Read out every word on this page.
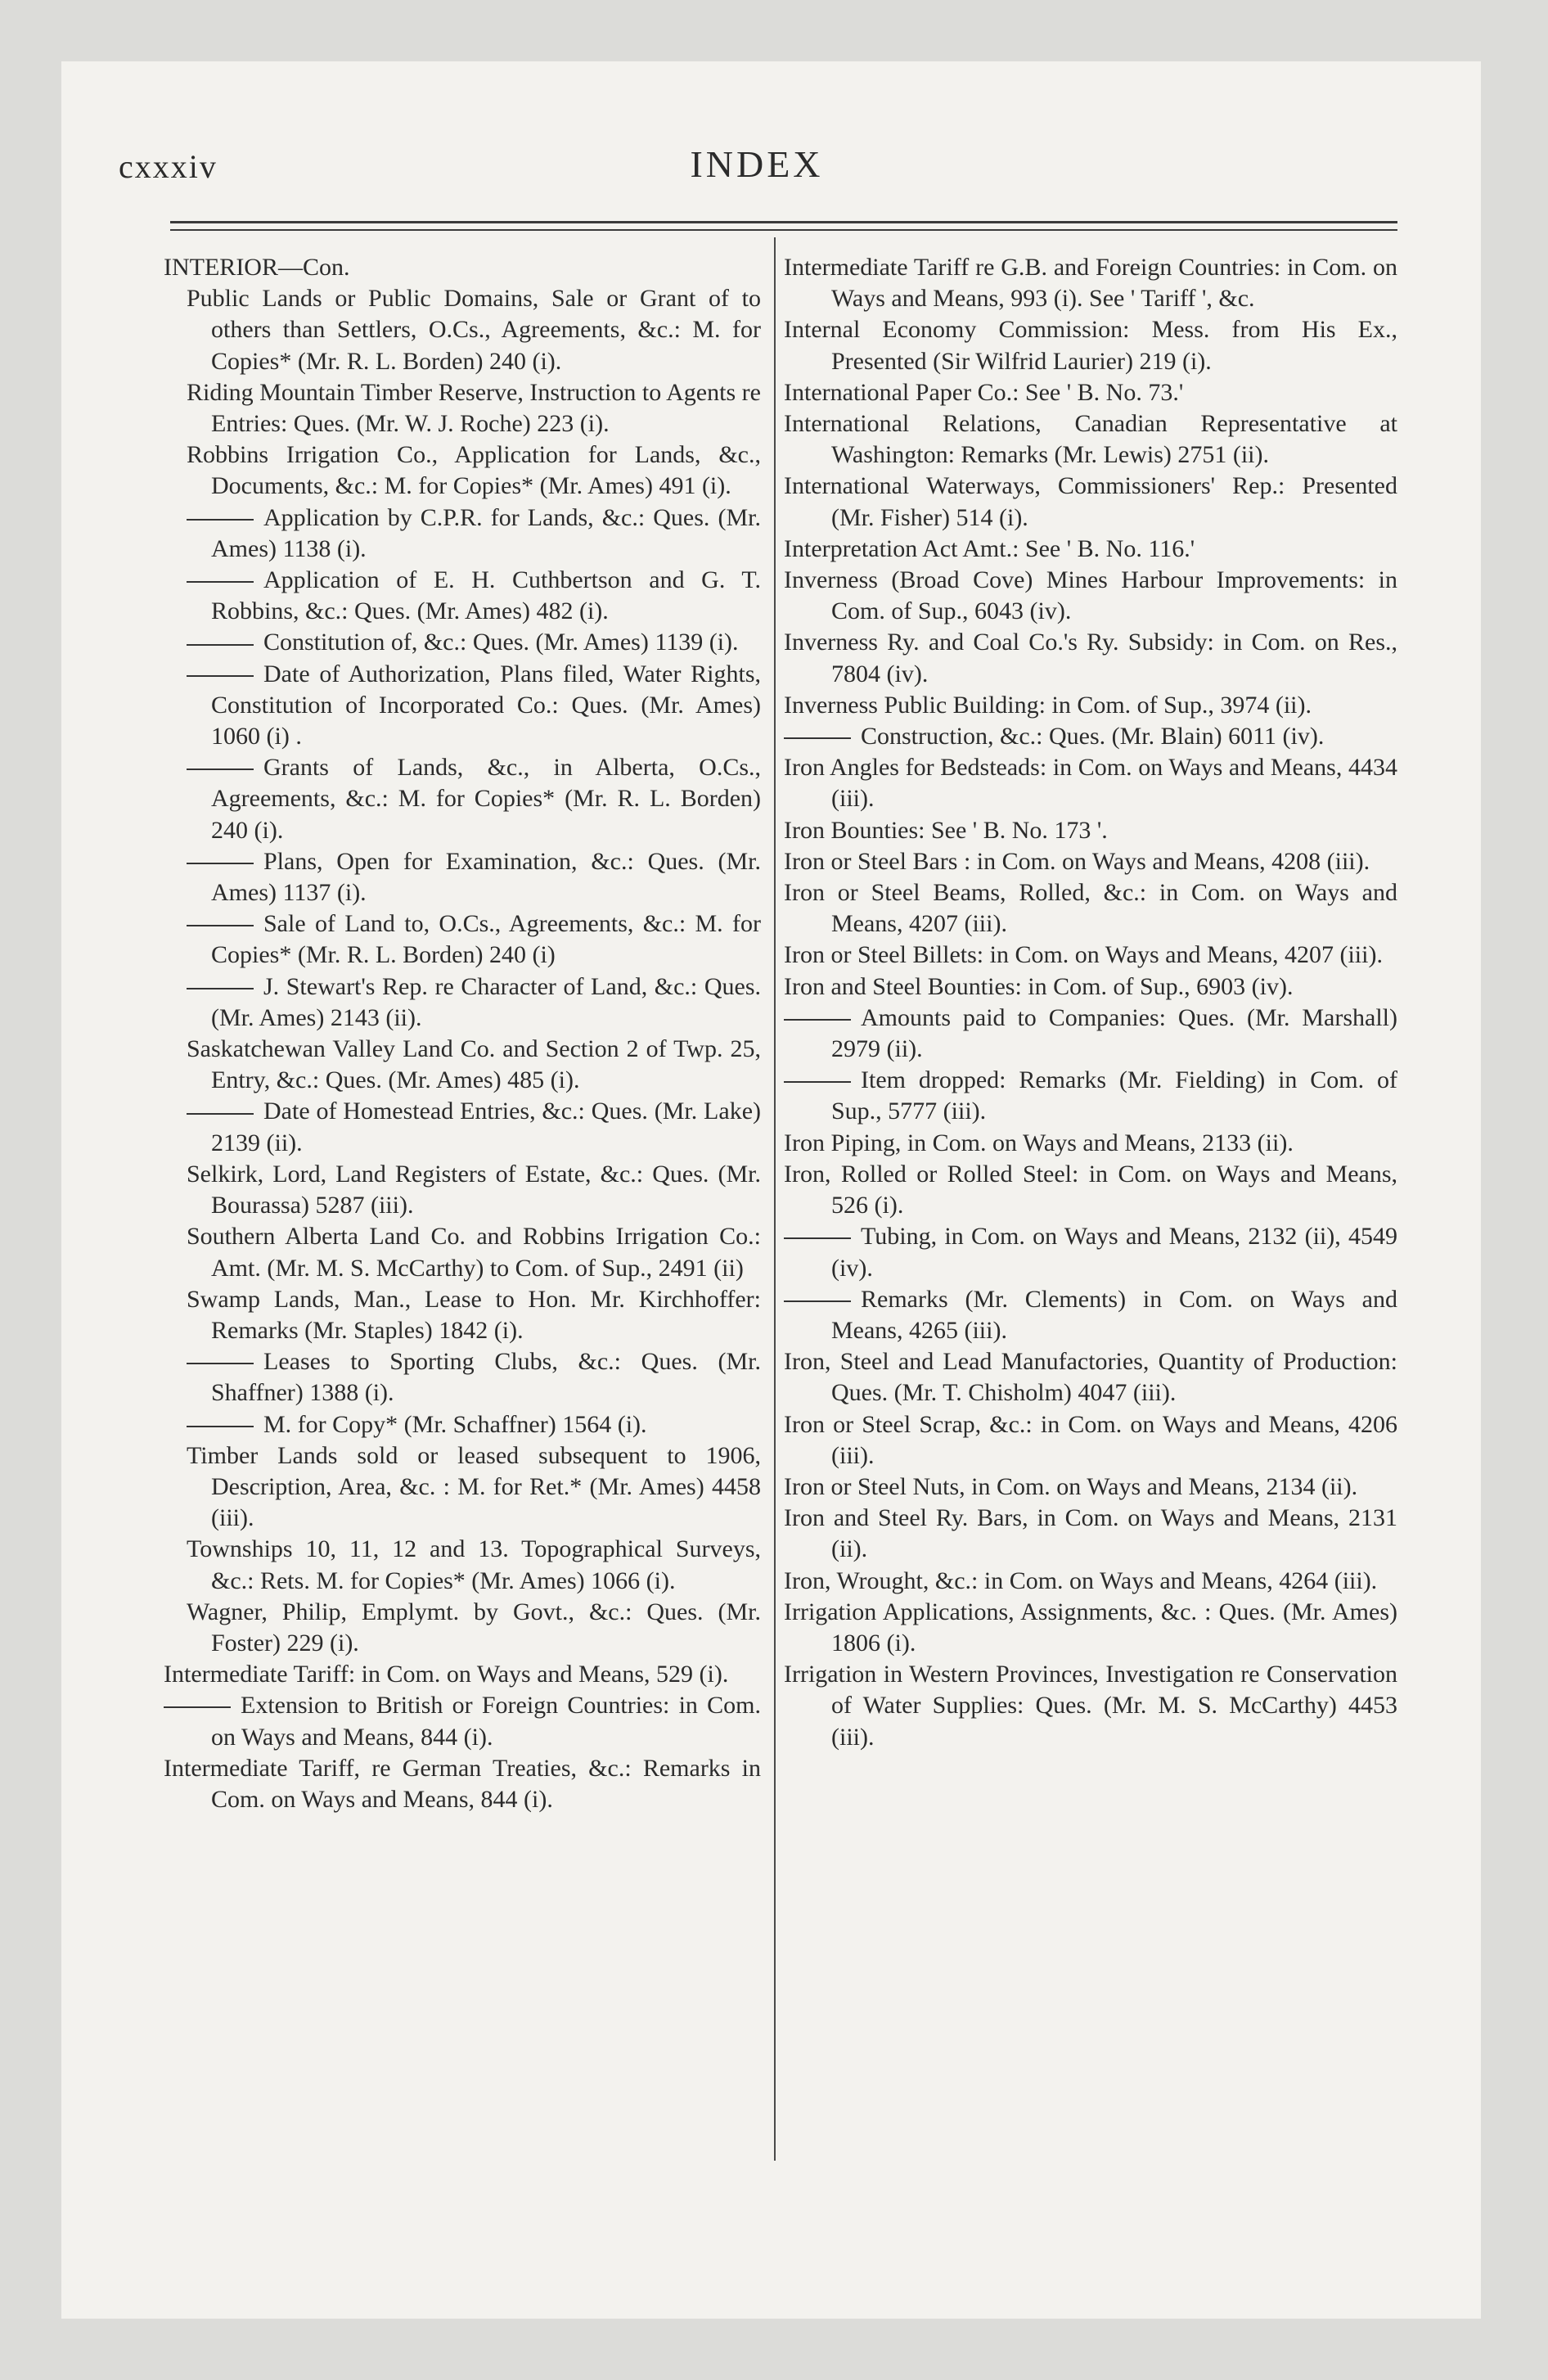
cxxxiv	INDEX
INTERIOR—Con.
Public Lands or Public Domains, Sale or Grant of to others than Settlers, O.Cs., Agreements, &c.: M. for Copies* (Mr. R. L. Borden) 240 (i).
Riding Mountain Timber Reserve, Instruction to Agents re Entries: Ques. (Mr. W. J. Roche) 223 (i).
Robbins Irrigation Co., Application for Lands, &c., Documents, &c.: M. for Copies* (Mr. Ames) 491 (i).
Application by C.P.R. for Lands, &c.: Ques. (Mr. Ames) 1138 (i).
Application of E. H. Cuthbertson and G. T. Robbins, &c.: Ques. (Mr. Ames) 482 (i).
Constitution of, &c.: Ques. (Mr. Ames) 1139 (i).
Date of Authorization, Plans filed, Water Rights, Constitution of Incorporated Co.: Ques. (Mr. Ames) 1060 (i) .
Grants of Lands, &c., in Alberta, O.Cs., Agreements, &c.: M. for Copies* (Mr. R. L. Borden) 240 (i).
Plans, Open for Examination, &c.: Ques. (Mr. Ames) 1137 (i).
Sale of Land to, O.Cs., Agreements, &c.: M. for Copies* (Mr. R. L. Borden) 240 (i)
J. Stewart's Rep. re Character of Land, &c.: Ques. (Mr. Ames) 2143 (ii).
Saskatchewan Valley Land Co. and Section 2 of Twp. 25, Entry, &c.: Ques. (Mr. Ames) 485 (i).
Date of Homestead Entries, &c.: Ques. (Mr. Lake) 2139 (ii).
Selkirk, Lord, Land Registers of Estate, &c.: Ques. (Mr. Bourassa) 5287 (iii).
Southern Alberta Land Co. and Robbins Irrigation Co.: Amt. (Mr. M. S. McCarthy) to Com. of Sup., 2491 (ii)
Swamp Lands, Man., Lease to Hon. Mr. Kirchhoffer: Remarks (Mr. Staples) 1842 (i).
Leases to Sporting Clubs, &c.: Ques. (Mr. Shaffner) 1388 (i).
M. for Copy* (Mr. Schaffner) 1564 (i).
Timber Lands sold or leased subsequent to 1906, Description, Area, &c. : M. for Ret.* (Mr. Ames) 4458 (iii).
Townships 10, 11, 12 and 13. Topographical Surveys, &c.: Rets. M. for Copies* (Mr. Ames) 1066 (i).
Wagner, Philip, Emplymt. by Govt., &c.: Ques. (Mr. Foster) 229 (i).
Intermediate Tariff: in Com. on Ways and Means, 529 (i).
Extension to British or Foreign Countries: in Com. on Ways and Means, 844 (i).
Intermediate Tariff, re German Treaties, &c.: Remarks in Com. on Ways and Means, 844 (i).
Intermediate Tariff re G.B. and Foreign Countries: in Com. on Ways and Means, 993 (i). See ' Tariff ', &c.
Internal Economy Commission: Mess. from His Ex., Presented (Sir Wilfrid Laurier) 219 (i).
International Paper Co.: See ' B. No. 73.'
International Relations, Canadian Representative at Washington: Remarks (Mr. Lewis) 2751 (ii).
International Waterways, Commissioners' Rep.: Presented (Mr. Fisher) 514 (i).
Interpretation Act Amt.: See ' B. No. 116.'
Inverness (Broad Cove) Mines Harbour Improvements: in Com. of Sup., 6043 (iv).
Inverness Ry. and Coal Co.'s Ry. Subsidy: in Com. on Res., 7804 (iv).
Inverness Public Building: in Com. of Sup., 3974 (ii).
Construction, &c.: Ques. (Mr. Blain) 6011 (iv).
Iron Angles for Bedsteads: in Com. on Ways and Means, 4434 (iii).
Iron Bounties: See ' B. No. 173 '.
Iron or Steel Bars : in Com. on Ways and Means, 4208 (iii).
Iron or Steel Beams, Rolled, &c.: in Com. on Ways and Means, 4207 (iii).
Iron or Steel Billets: in Com. on Ways and Means, 4207 (iii).
Iron and Steel Bounties: in Com. of Sup., 6903 (iv).
Amounts paid to Companies: Ques. (Mr. Marshall) 2979 (ii).
Item dropped: Remarks (Mr. Fielding) in Com. of Sup., 5777 (iii).
Iron Piping, in Com. on Ways and Means, 2133 (ii).
Iron, Rolled or Rolled Steel: in Com. on Ways and Means, 526 (i).
Tubing, in Com. on Ways and Means, 2132 (ii), 4549 (iv).
Remarks (Mr. Clements) in Com. on Ways and Means, 4265 (iii).
Iron, Steel and Lead Manufactories, Quantity of Production: Ques. (Mr. T. Chisholm) 4047 (iii).
Iron or Steel Scrap, &c.: in Com. on Ways and Means, 4206 (iii).
Iron or Steel Nuts, in Com. on Ways and Means, 2134 (ii).
Iron and Steel Ry. Bars, in Com. on Ways and Means, 2131 (ii).
Iron, Wrought, &c.: in Com. on Ways and Means, 4264 (iii).
Irrigation Applications, Assignments, &c. : Ques. (Mr. Ames) 1806 (i).
Irrigation in Western Provinces, Investigation re Conservation of Water Supplies: Ques. (Mr. M. S. McCarthy) 4453 (iii).
